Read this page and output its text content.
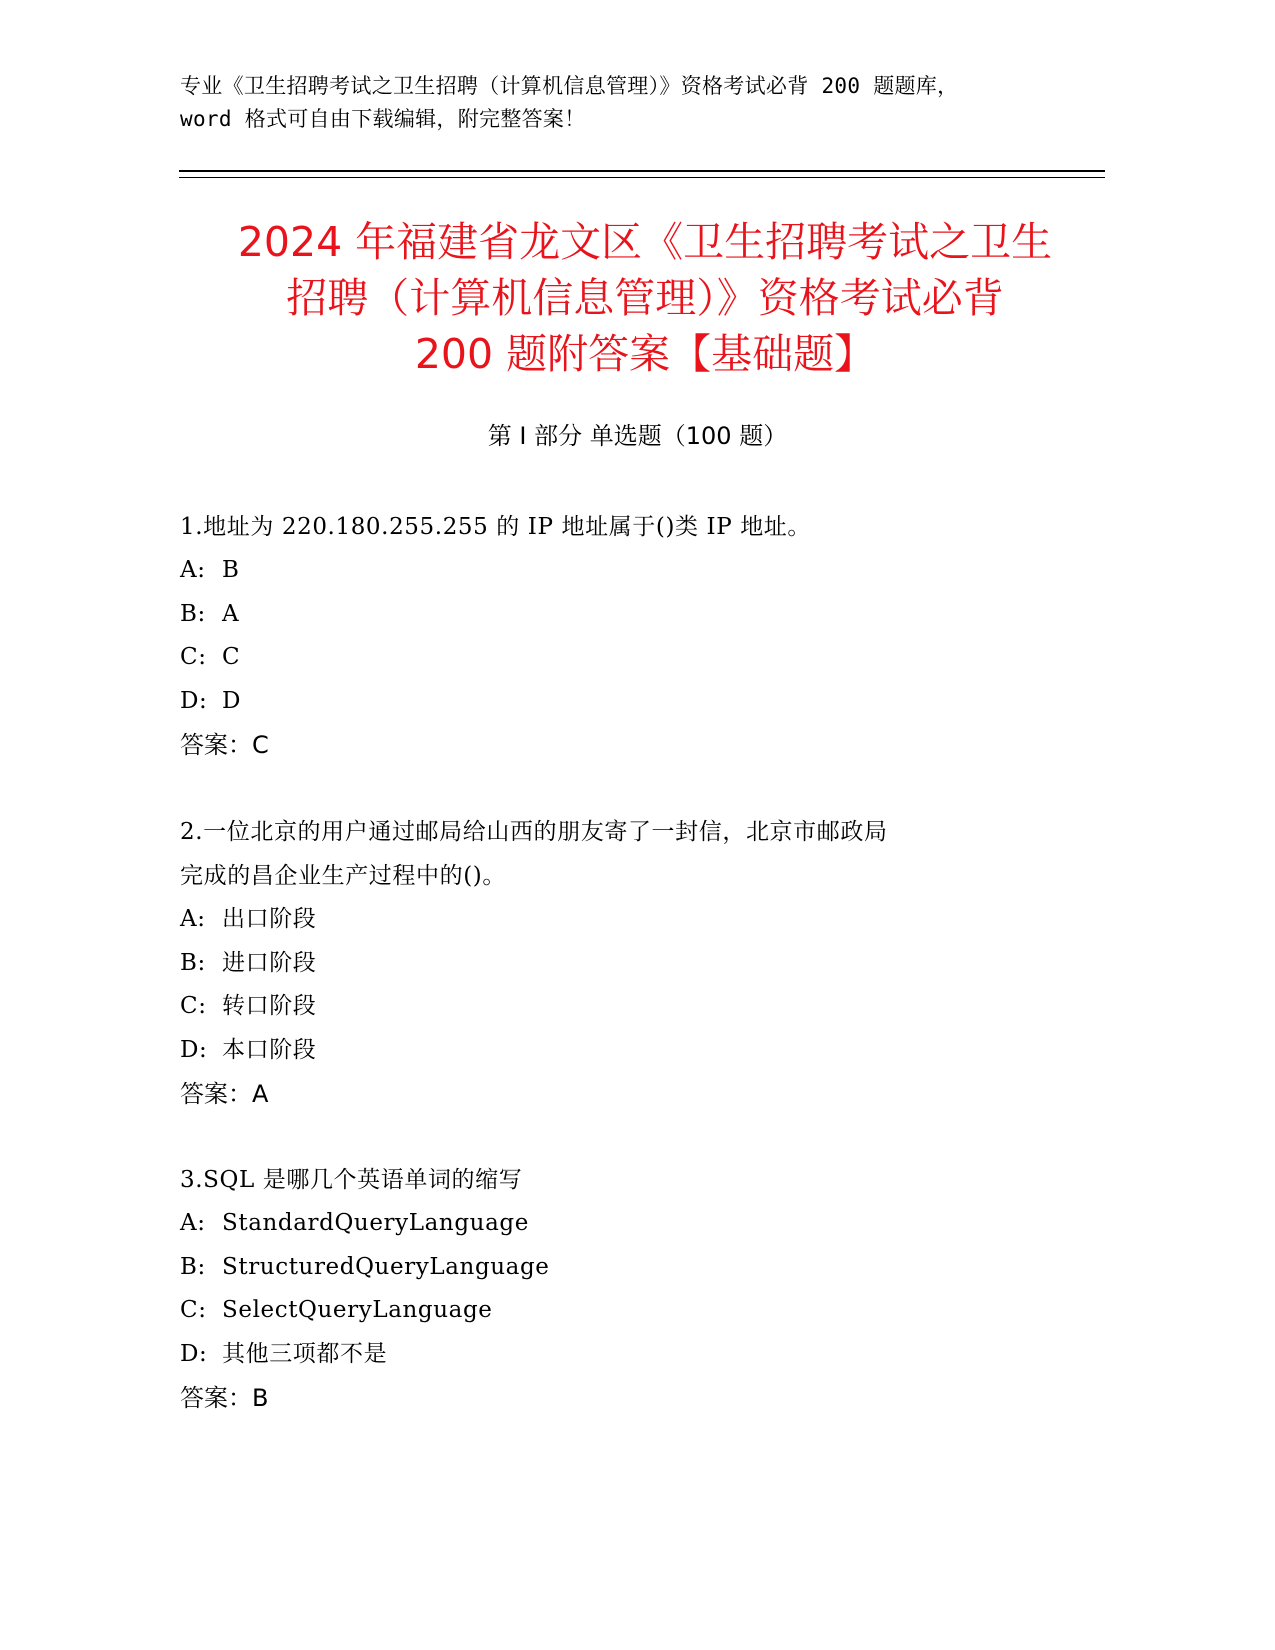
专业《卫生招聘考试之卫生招聘（计算机信息管理）》资格考试必背 200 题题库，
word 格式可自由下载编辑，附完整答案！
2024 年福建省龙文区《卫生招聘考试之卫生
招聘（计算机信息管理）》资格考试必背
200 题附答案【基础题】
第 I 部分 单选题（100 题）
1.地址为 220.180.255.255 的 IP 地址属于()类 IP 地址。
A: B
B: A
C: C
D: D
答案：C
2.一位北京的用户通过邮局给山西的朋友寄了一封信，北京市邮政局
完成的昌企业生产过程中的()。
A: 出口阶段
B: 进口阶段
C: 转口阶段
D: 本口阶段
答案：A
3.SQL 是哪几个英语单词的缩写
A: StandardQueryLanguage
B: StructuredQueryLanguage
C: SelectQueryLanguage
D: 其他三项都不是
答案：B
